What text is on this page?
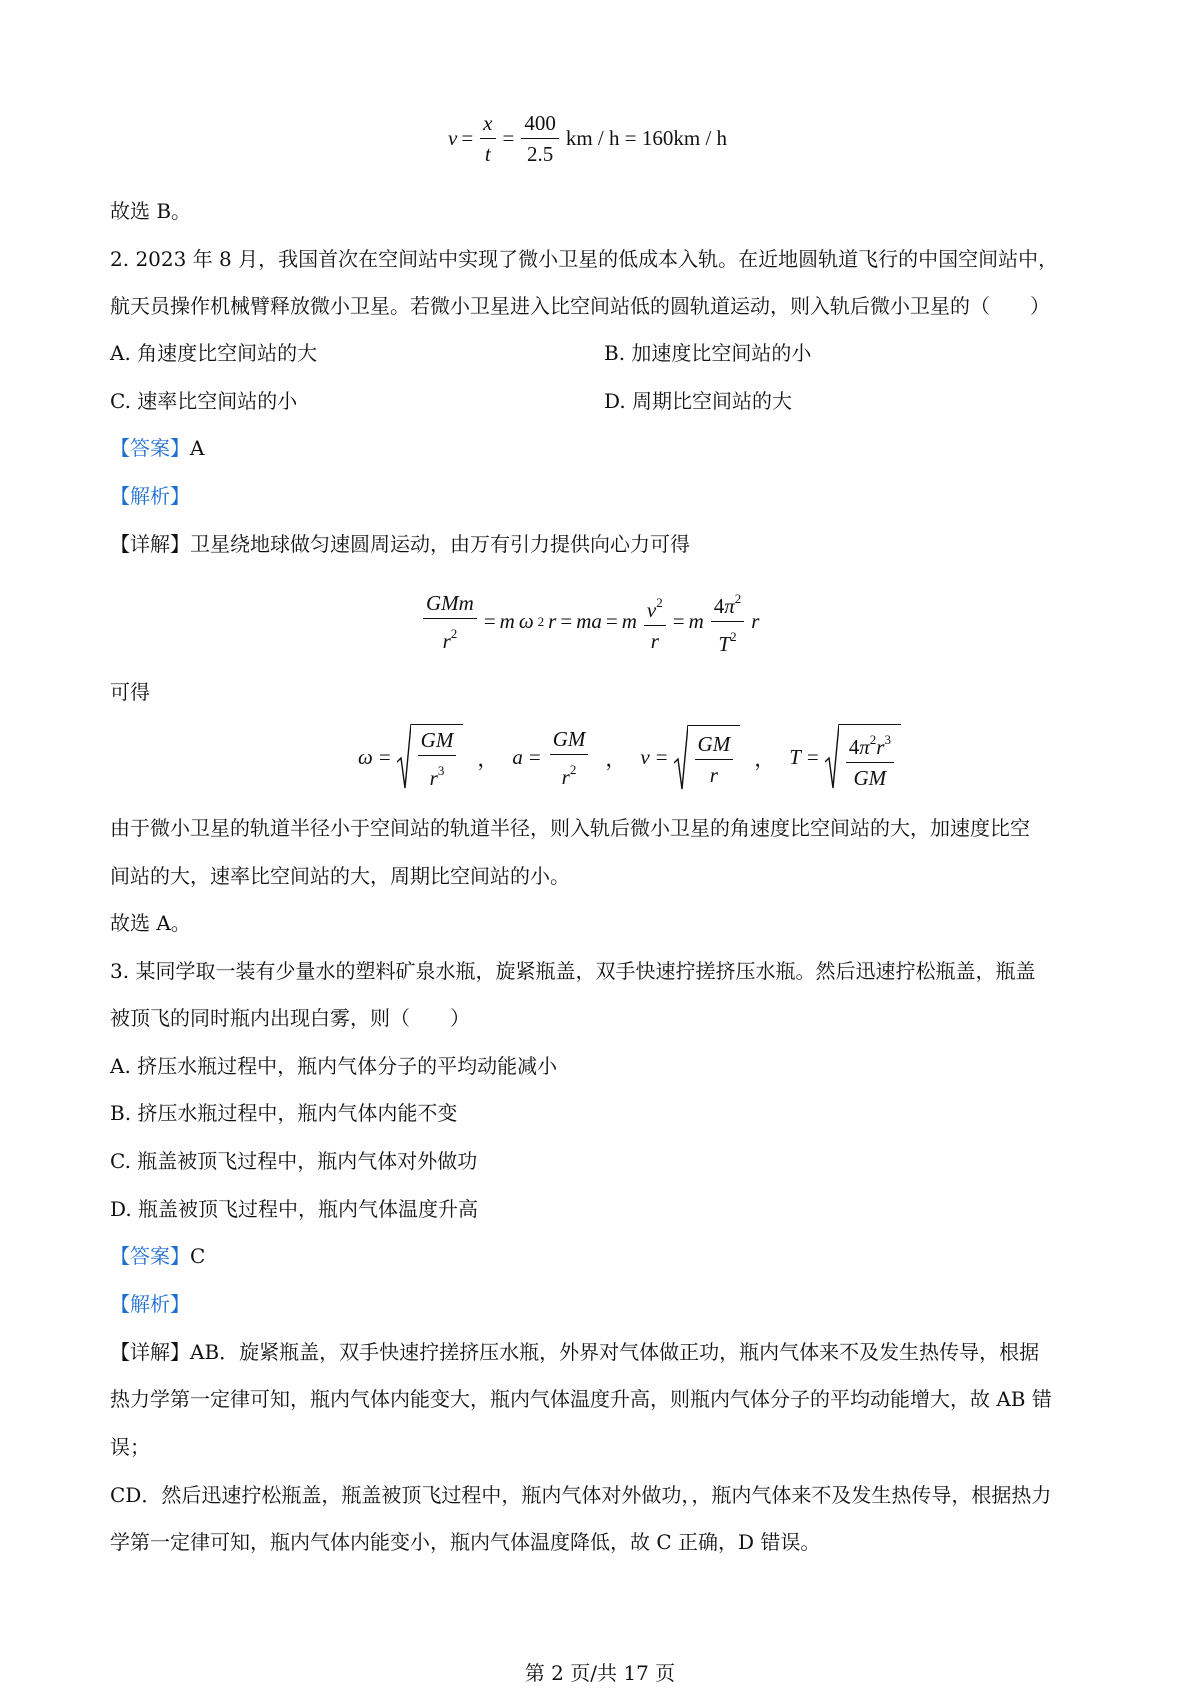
$v = \frac{x}{t} = \frac{400}{2.5}$ km / h = 160km / h
故选 B。
2. 2023 年 8 月，我国首次在空间站中实现了微小卫星的低成本入轨。在近地圆轨道飞行的中国空间站中，
航天员操作机械臂释放微小卫星。若微小卫星进入比空间站低的圆轨道运动，则入轨后微小卫星的（　　）
A. 角速度比空间站的大	B. 加速度比空间站的小
C. 速率比空间站的小	D. 周期比空间站的大
【答案】A
【解析】
【详解】卫星绕地球做匀速圆周运动，由万有引力提供向心力可得
$\frac{\text{GMm}}{r^2} = m$ ω 2 r = ma = m $\frac{v^2}{r} = m \frac{4\pi^2}{T^2}$ r
可得
$\omega = \frac{GM}{r^3}$ ， $a = \frac{GM}{r^2}$ ， $v = \frac{GM}{r}$ ， $T = \frac{4\pi^2r^3}{GM}$
由于微小卫星的轨道半径小于空间站的轨道半径，则入轨后微小卫星的角速度比空间站的大，加速度比空
间站的大，速率比空间站的大，周期比空间站的小。
故选 A。
3. 某同学取一装有少量水的塑料矿泉水瓶，旋紧瓶盖，双手快速拧搓挤压水瓶。然后迅速拧松瓶盖，瓶盖
被顶飞的同时瓶内出现白雾，则（　　）
A. 挤压水瓶过程中，瓶内气体分子的平均动能减小
B. 挤压水瓶过程中，瓶内气体内能不变
C. 瓶盖被顶飞过程中，瓶内气体对外做功
D. 瓶盖被顶飞过程中，瓶内气体温度升高
【答案】C
【解析】
【详解】AB．旋紧瓶盖，双手快速拧搓挤压水瓶，外界对气体做正功，瓶内气体来不及发生热传导，根据
热力学第一定律可知，瓶内气体内能变大，瓶内气体温度升高，则瓶内气体分子的平均动能增大，故 AB 错
误；
CD．然后迅速拧松瓶盖，瓶盖被顶飞过程中，瓶内气体对外做功，，瓶内气体来不及发生热传导，根据热力
学第一定律可知，瓶内气体内能变小，瓶内气体温度降低，故 C 正确，D 错误。
第 2 页/共 17 页
